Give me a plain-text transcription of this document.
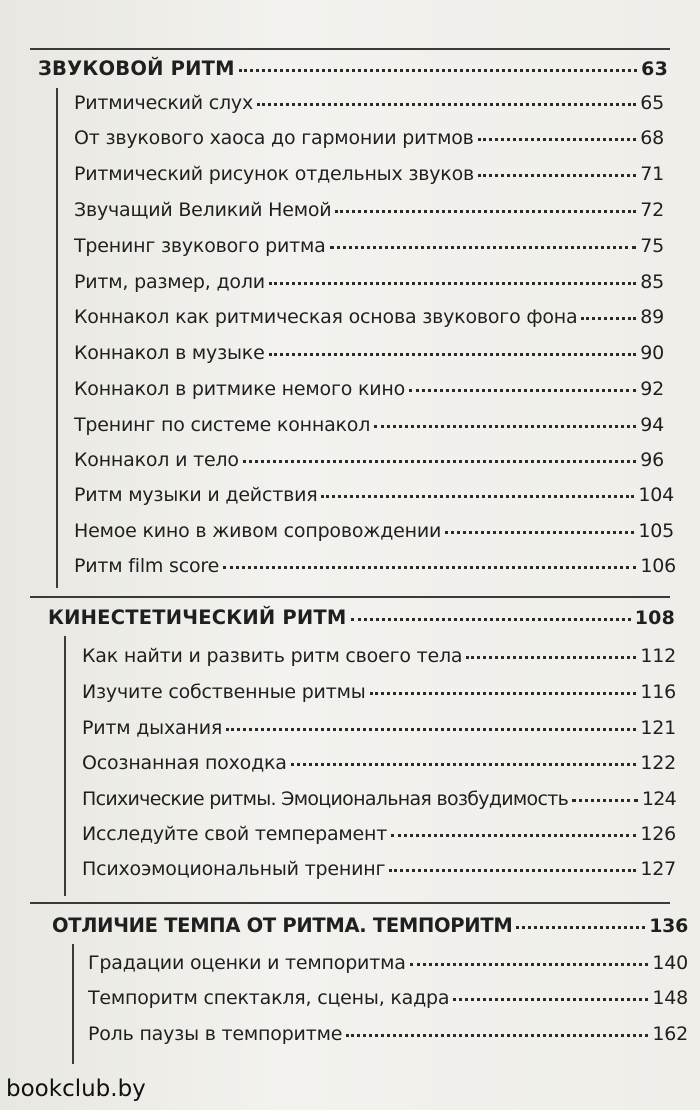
ЗВУКОВОЙ РИТМ	63
Ритмический слух	65
От звукового хаоса до гармонии ритмов	68
Ритмический рисунок отдельных звуков	71
Звучащий Великий Немой	72
Тренинг звукового ритма	75
Ритм, размер, доли	85
Коннакол как ритмическая основа звукового фона	89
Коннакол в музыке	90
Коннакол в ритмике немого кино	92
Тренинг по системе коннакол	94
Коннакол и тело	96
Ритм музыки и действия	104
Немое кино в живом сопровождении	105
Ритм film score	106
КИНЕСТЕТИЧЕСКИЙ РИТМ	108
Как найти и развить ритм своего тела	112
Изучите собственные ритмы	116
Ритм дыхания	121
Осознанная походка	122
Психические ритмы. Эмоциональная возбудимость	124
Исследуйте свой темперамент	126
Психоэмоциональный тренинг	127
ОТЛИЧИЕ ТЕМПА ОТ РИТМА. ТЕМПОРИТМ	136
Градации оценки и темпоритма	140
Темпоритм спектакля, сцены, кадра	148
Роль паузы в темпоритме	162
bookclub.by
